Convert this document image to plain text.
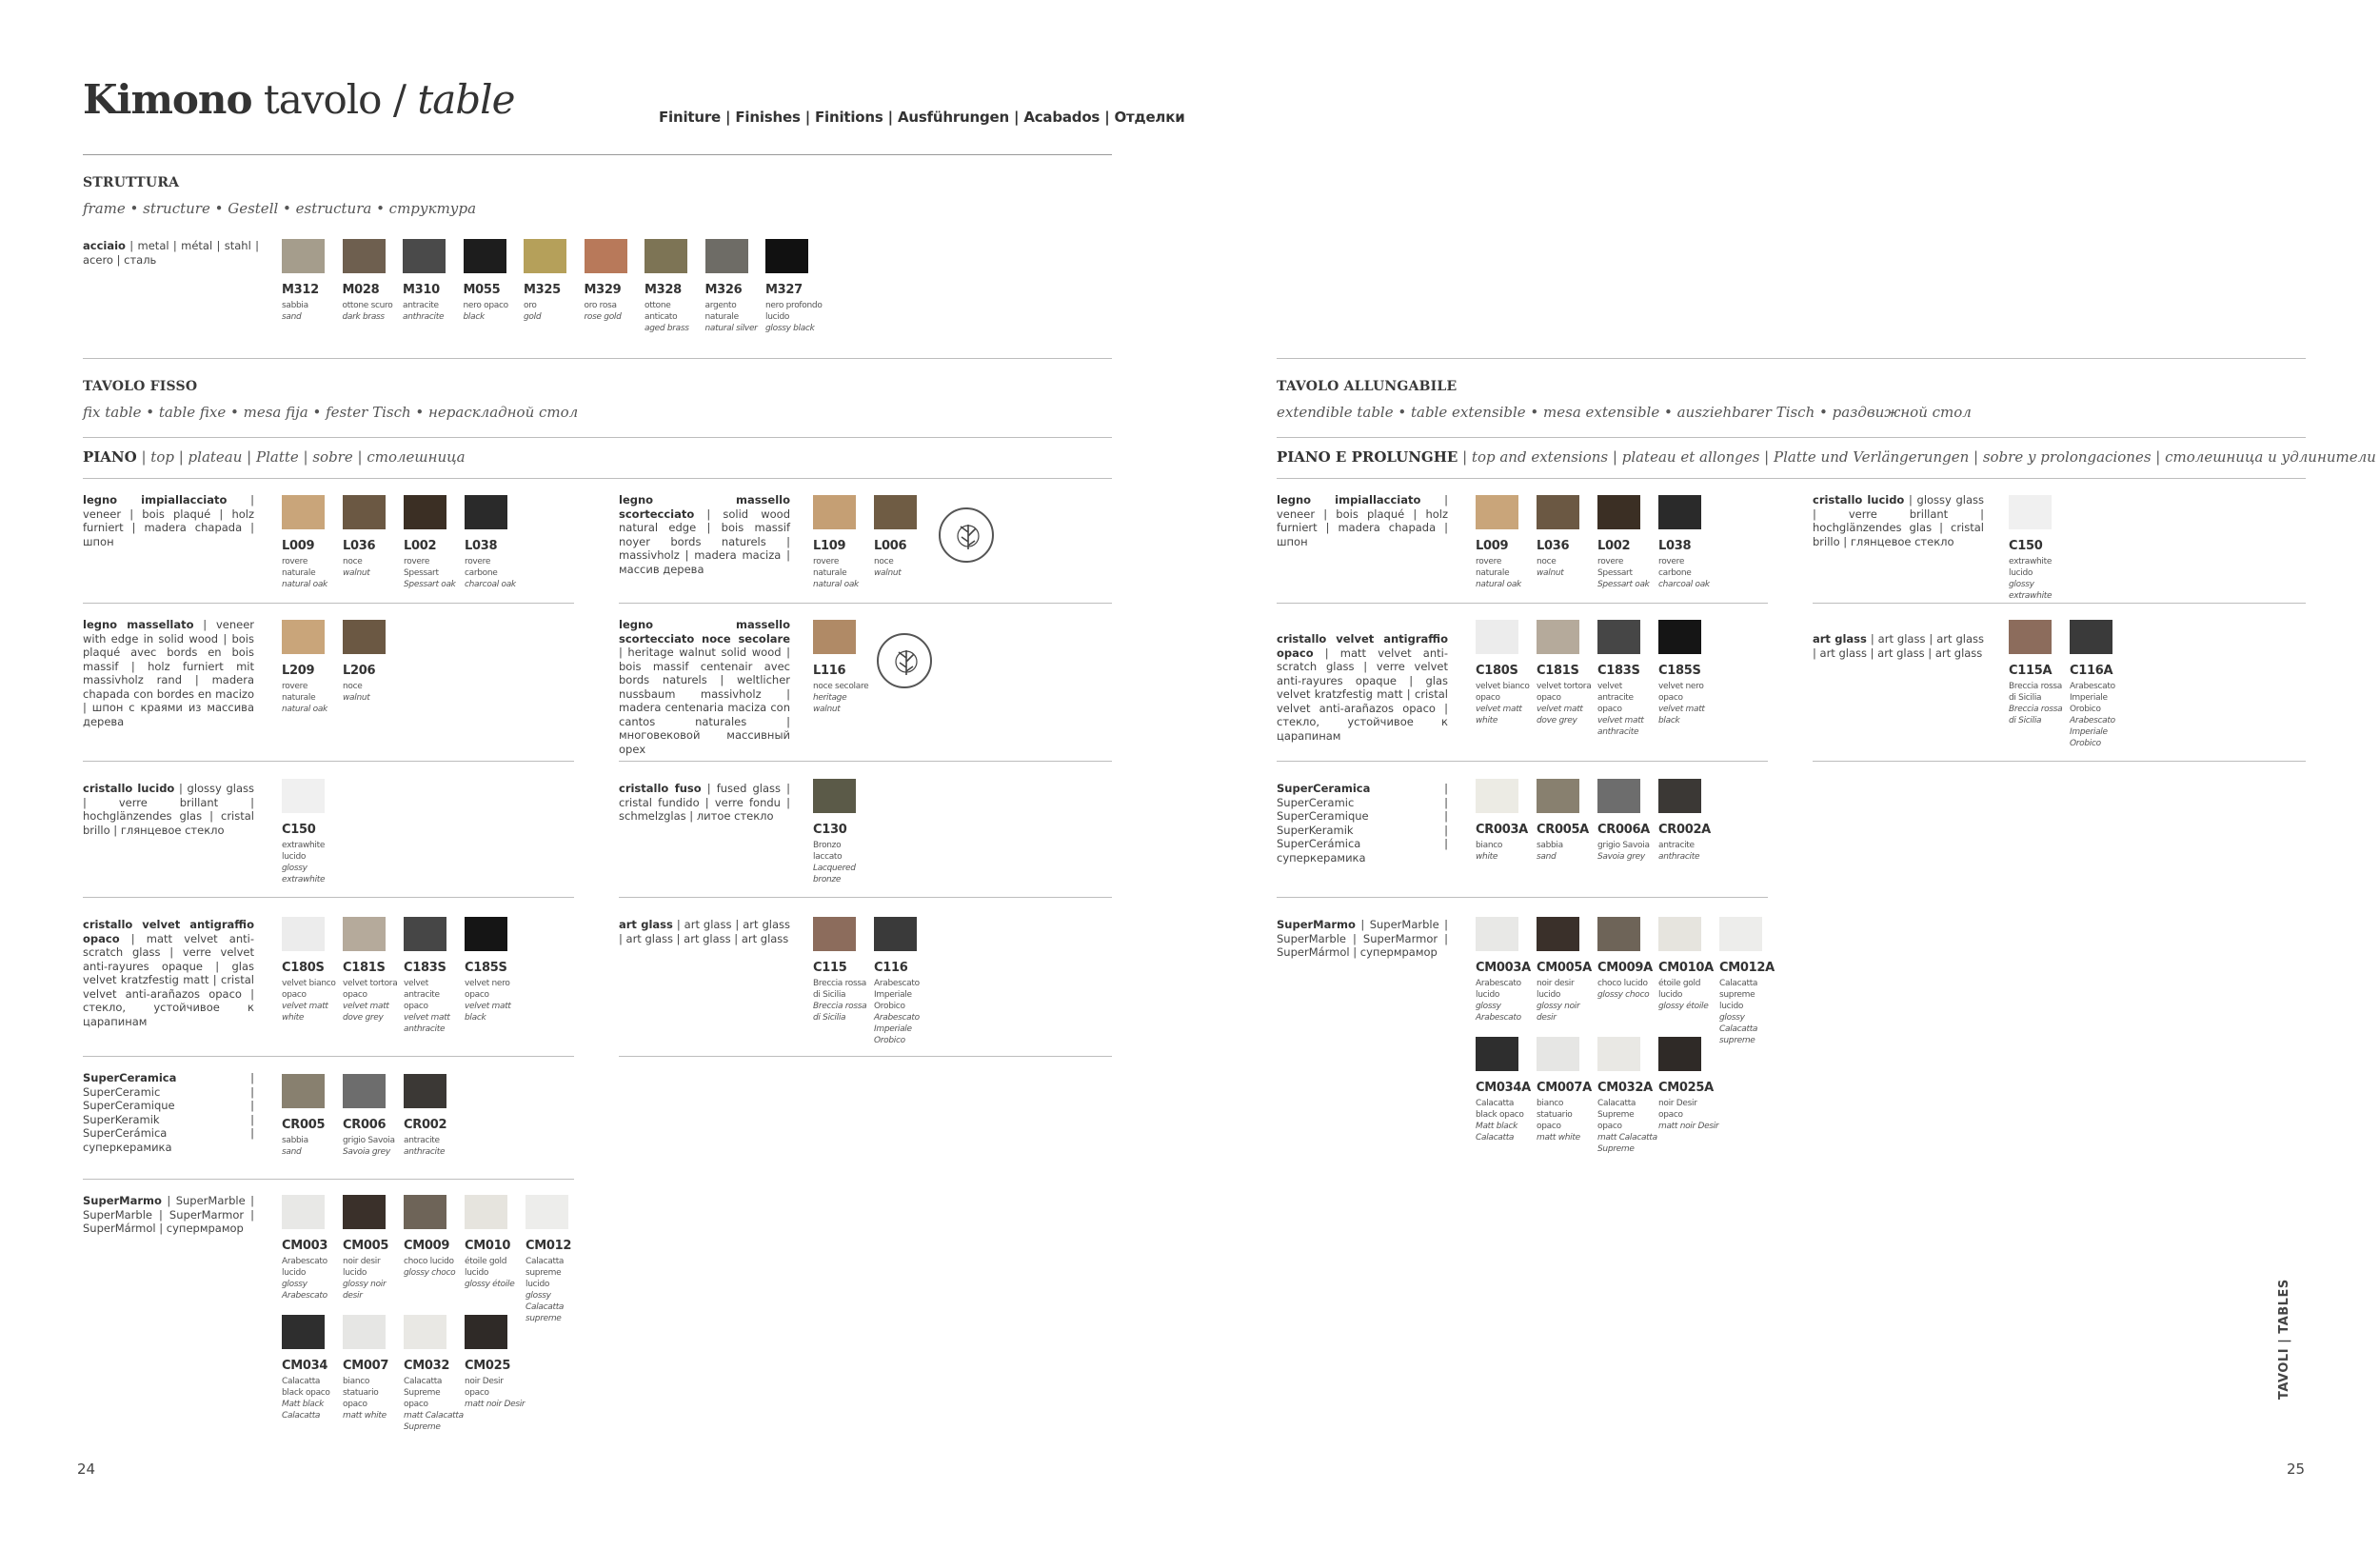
Kimono tavolo / table	Finiture | Finishes | Finitions | Ausführungen | Acabados | Отделки
STRUTTURA
frame • structure • Gestell • estructura • структура
acciaio | metal | métal | stahl | acero | сталь
M312
sabbia
sand
M028
ottone scuro
dark brass
M310
antracite
anthracite
M055
nero opaco
black
M325
oro
gold
M329
oro rosa
rose gold
M328
ottone anticato
aged brass
M326
argento naturale
natural silver
M327
nero profondo lucido
glossy black
TAVOLO FISSO
fix table • table fixe • mesa fija • fester Tisch • нераскладной стол
PIANO | top | plateau | Platte | sobre | столешница
TAVOLO ALLUNGABILE
extendible table • table extensible • mesa extensible • ausziehbarer Tisch • раздвижной стол
PIANO E PROLUNGHE | top and extensions | plateau et allonges | Platte und Verlängerungen | sobre y prolongaciones | столешница и удлинители
legno impiallacciato | veneer | bois plaqué | holz furniert | madera chapada | шпон	L009
rovere naturale
natural oak
L036
noce
walnut
L002
rovere Spessart
Spessart oak
L038
rovere carbone
charcoal oak
legno massellato | veneer with edge in solid wood | bois plaqué avec bords en bois massif | holz furniert mit massivholz rand | madera chapada con bordes en macizo | шпон с краями из массива дерева
L209
rovere naturale
natural oak
L206
noce
walnut
cristallo lucido | glossy glass | verre brillant | hochglänzendes glas | cristal brillo | глянцевое стекло	C150
extrawhite lucido
glossy extrawhite
cristallo velvet antigraffio opaco | matt velvet anti-scratch glass | verre velvet anti-rayures opaque | glas velvet kratzfestig matt | cristal velvet anti-arañazos opaco | стекло, устойчивое к царапинам
C180S
velvet bianco opaco
velvet matt white
C181S
velvet tortora opaco
velvet matt dove grey
C183S
velvet antracite opaco
velvet matt anthracite
C185S
velvet nero opaco
velvet matt black
SuperCeramica | SuperCeramic | SuperCeramique | SuperKeramik | SuperCerámica | суперкерамика
CR005
sabbia
sand
CR006
grigio Savoia
Savoia grey
CR002
antracite
anthracite
SuperMarmo | SuperMarble | SuperMarble | SuperMarmor | SuperMármol | супермрамор
CM003
Arabescato lucido
glossy Arabescato
CM005
noir desir lucido
glossy noir desir
CM009
choco lucido
glossy choco
CM010
étoile gold lucido
glossy étoile
CM012
Calacatta supreme lucido
glossy Calacatta supreme
CM034
Calacatta black opaco
Matt black Calacatta
CM007
bianco statuario opaco
matt white
CM032
Calacatta Supreme opaco
matt Calacatta Supreme
CM025
noir Desir opaco
matt noir Desir
legno massello scortecciato | solid wood natural edge | bois massif noyer bords naturels | massivholz | madera maciza | массив дерева
L109
rovere naturale
natural oak
L006
noce
walnut
legno massello scortecciato noce secolare | heritage walnut solid wood | bois massif centenair avec bords naturels | weltlicher nussbaum massivholz | madera centenaria maciza con cantos naturales | многовековой массивный орех
L116
noce secolare
heritage walnut
cristallo fuso | fused glass | cristal fundido | verre fondu | schmelzglas | литое стекло
C130
Bronzo laccato
Lacquered bronze
art glass | art glass | art glass | art glass | art glass | art glass
C115
Breccia rossa di Sicilia
Breccia rossa di Sicilia
C116
Arabescato Imperiale Orobico
Arabescato Imperiale Orobico
legno impiallacciato | veneer | bois plaqué | holz furniert | madera chapada | шпон	L009
rovere naturale
natural oak
L036
noce
walnut
L002
rovere Spessart
Spessart oak
L038
rovere carbone
charcoal oak
cristallo velvet antigraffio opaco | matt velvet anti-scratch glass | verre velvet anti-rayures opaque | glas velvet kratzfestig matt | cristal velvet anti-arañazos opaco | стекло, устойчивое к царапинам
C180S
velvet bianco opaco
velvet matt white
C181S
velvet tortora opaco
velvet matt dove grey
C183S
velvet antracite opaco
velvet matt anthracite
C185S
velvet nero opaco
velvet matt black
SuperCeramica | SuperCeramic | SuperCeramique | SuperKeramik | SuperCerámica | суперкерамика
CR003A
bianco
white
CR005A
sabbia
sand
CR006A
grigio Savoia
Savoia grey
CR002A
antracite
anthracite
SuperMarmo | SuperMarble | SuperMarble | SuperMarmor | SuperMármol | супермрамор
CM003A
Arabescato lucido
glossy Arabescato
CM005A
noir desir lucido
glossy noir desir
CM009A
choco lucido
glossy choco
CM010A
étoile gold lucido
glossy étoile
CM012A
Calacatta supreme lucido
glossy Calacatta supreme
CM034A
Calacatta black opaco
Matt black Calacatta
CM007A
bianco statuario opaco
matt white
CM032A
Calacatta Supreme opaco
matt Calacatta Supreme
CM025A
noir Desir opaco
matt noir Desir
cristallo lucido | glossy glass | verre brillant | hochglänzendes glas | cristal brillo | глянцевое стекло	C150
extrawhite lucido
glossy extrawhite
art glass | art glass | art glass | art glass | art glass | art glass
C115A
Breccia rossa di Sicilia
Breccia rossa di Sicilia
C116A
Arabescato Imperiale Orobico
Arabescato Imperiale Orobico
24	25
TAVOLI | TABLES
